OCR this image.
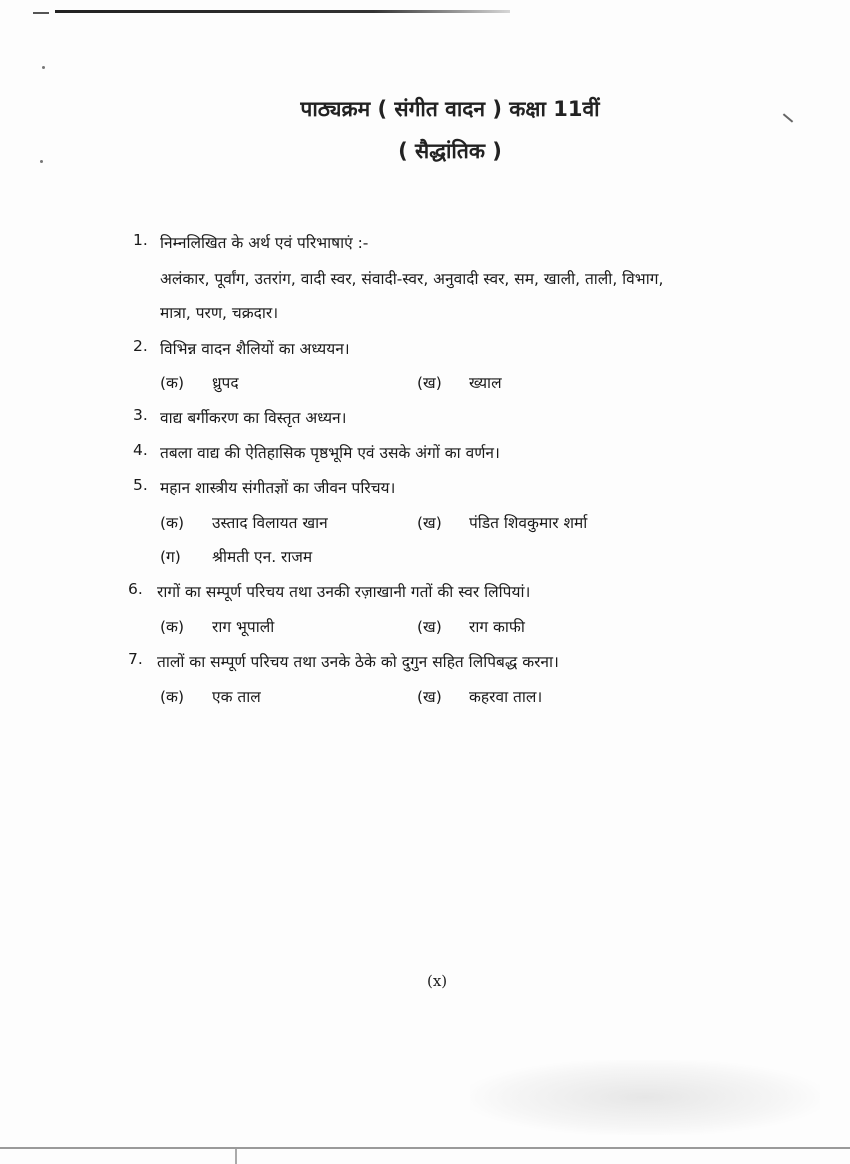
पाठ्यक्रम ( संगीत वादन ) कक्षा 11वीं
( सैद्धांतिक )
1. निम्नलिखित के अर्थ एवं परिभाषाएं :-
अलंकार, पूर्वांग, उतरांग, वादी स्वर, संवादी-स्वर, अनुवादी स्वर, सम, खाली, ताली, विभाग,
मात्रा, परण, चक्रदार।
2. विभिन्न वादन शैलियों का अध्ययन।
(क) ध्रुपद	(ख) ख्याल
3. वाद्य बर्गीकरण का विस्तृत अध्यन।
4. तबला वाद्य की ऐतिहासिक पृष्ठभूमि एवं उसके अंगों का वर्णन।
5. महान शास्त्रीय संगीतज्ञों का जीवन परिचय।
(क) उस्ताद विलायत खान	(ख) पंडित शिवकुमार शर्मा
(ग) श्रीमती एन. राजम
6. रागों का सम्पूर्ण परिचय तथा उनकी रज़ाखानी गतों की स्वर लिपियां।
(क) राग भूपाली	(ख) राग काफी
7. तालों का सम्पूर्ण परिचय तथा उनके ठेके को दुगुन सहित लिपिबद्ध करना।
(क) एक ताल	(ख) कहरवा ताल।
(x)
